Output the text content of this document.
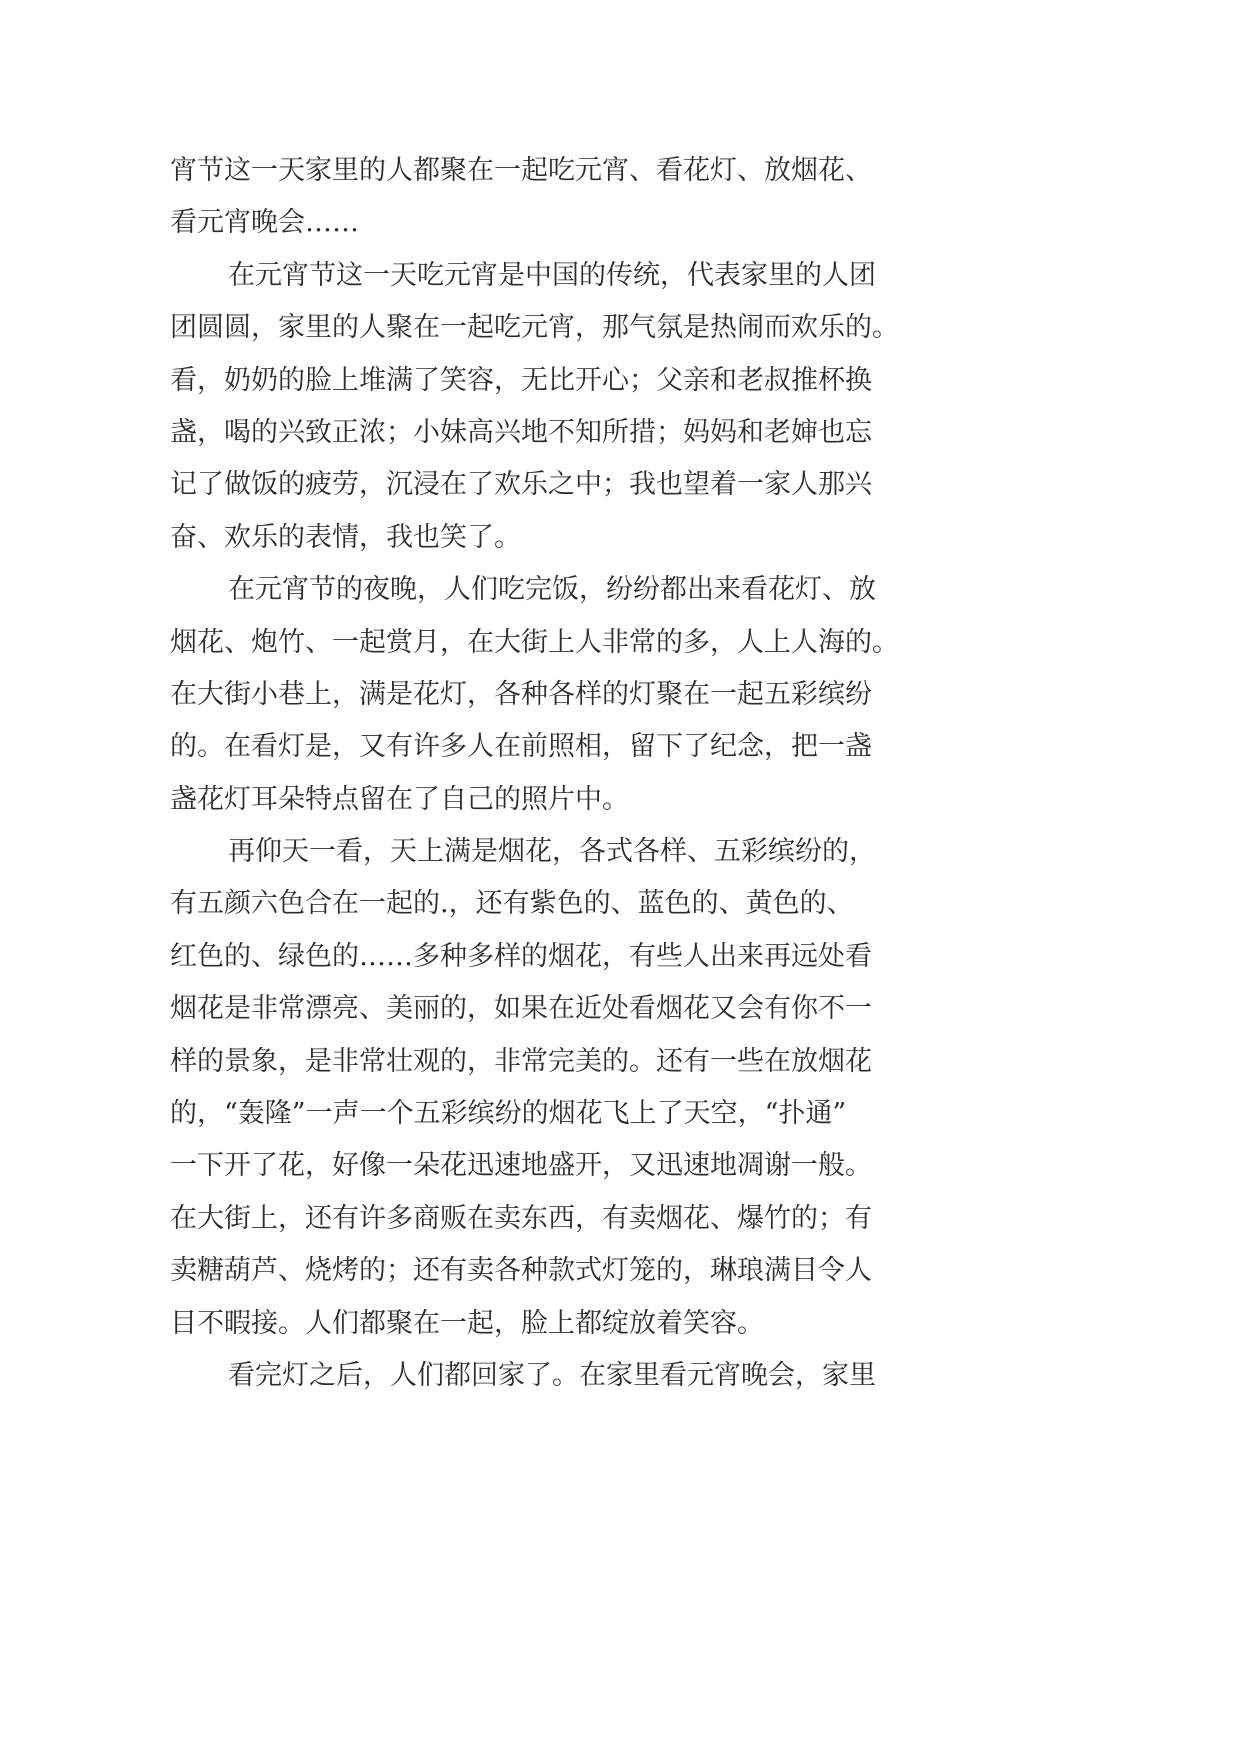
宵节这一天家里的人都聚在一起吃元宵、看花灯、放烟花、
看元宵晚会……
在元宵节这一天吃元宵是中国的传统，代表家里的人团
团圆圆，家里的人聚在一起吃元宵，那气氛是热闹而欢乐的。
看，奶奶的脸上堆满了笑容，无比开心；父亲和老叔推杯换
盏，喝的兴致正浓；小妹高兴地不知所措；妈妈和老婶也忘
记了做饭的疲劳，沉浸在了欢乐之中；我也望着一家人那兴
奋、欢乐的表情，我也笑了。
在元宵节的夜晚，人们吃完饭，纷纷都出来看花灯、放
烟花、炮竹、一起赏月，在大街上人非常的多，人上人海的。
在大街小巷上，满是花灯，各种各样的灯聚在一起五彩缤纷
的。在看灯是，又有许多人在前照相，留下了纪念，把一盏
盏花灯耳朵特点留在了自己的照片中。
再仰天一看，天上满是烟花，各式各样、五彩缤纷的，
有五颜六色合在一起的.，还有紫色的、蓝色的、黄色的、
红色的、绿色的……多种多样的烟花，有些人出来再远处看
烟花是非常漂亮、美丽的，如果在近处看烟花又会有你不一
样的景象，是非常壮观的，非常完美的。还有一些在放烟花
的，“轰隆”一声一个五彩缤纷的烟花飞上了天空，“扑通”
一下开了花，好像一朵花迅速地盛开，又迅速地凋谢一般。
在大街上，还有许多商贩在卖东西，有卖烟花、爆竹的；有
卖糖葫芦、烧烤的；还有卖各种款式灯笼的，琳琅满目令人
目不暇接。人们都聚在一起，脸上都绽放着笑容。
看完灯之后，人们都回家了。在家里看元宵晚会，家里
